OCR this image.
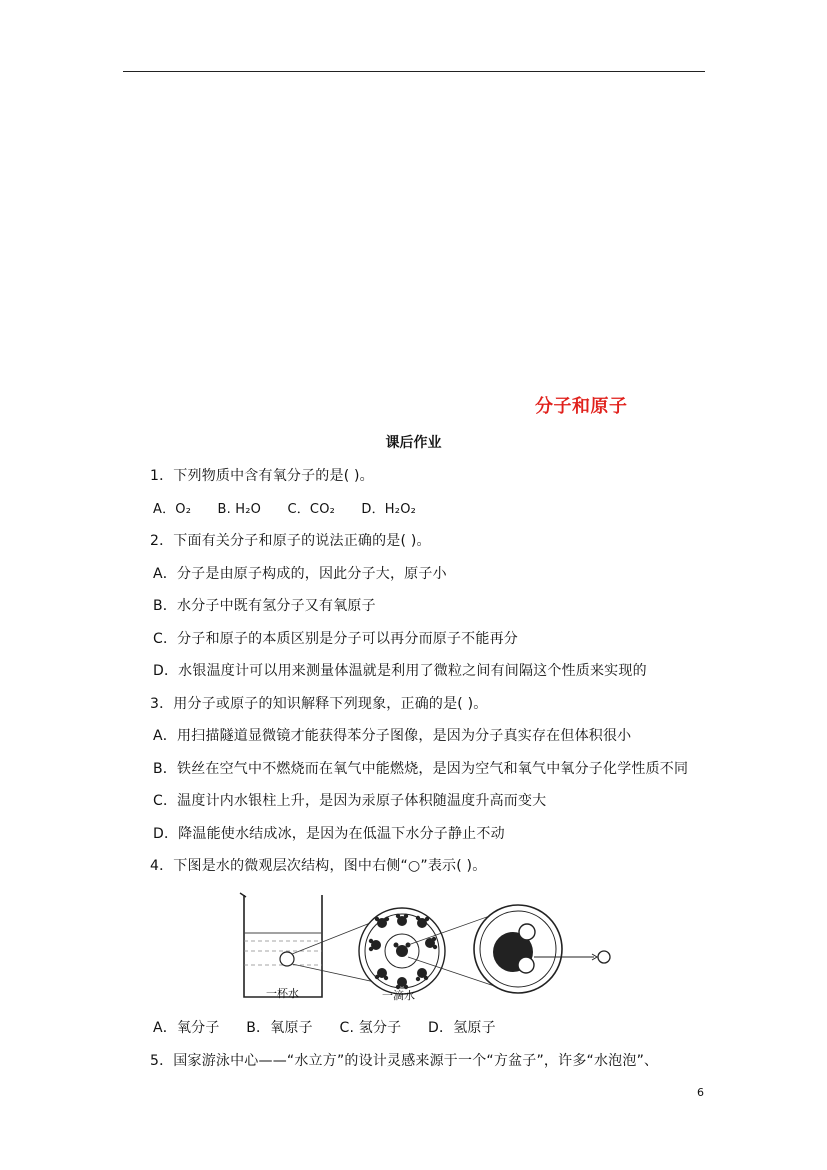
分子和原子
课后作业
1．下列物质中含有氧分子的是( )。
A．O₂ B. H₂O C．CO₂ D．H₂O₂
2．下面有关分子和原子的说法正确的是( )。
A．分子是由原子构成的，因此分子大，原子小
B．水分子中既有氢分子又有氧原子
C．分子和原子的本质区别是分子可以再分而原子不能再分
D．水银温度计可以用来测量体温就是利用了微粒之间有间隔这个性质来实现的
3．用分子或原子的知识解释下列现象，正确的是( )。
A．用扫描隧道显微镜才能获得苯分子图像，是因为分子真实存在但体积很小
B．铁丝在空气中不燃烧而在氧气中能燃烧，是因为空气和氧气中氧分子化学性质不同
C．温度计内水银柱上升，是因为汞原子体积随温度升高而变大
D．降温能使水结成冰，是因为在低温下水分子静止不动
4．下图是水的微观层次结构，图中右侧“○”表示( )。
一杯水	一滴水
A．氧分子 B．氧原子 C. 氢分子 D．氢原子
5．国家游泳中心——“水立方”的设计灵感来源于一个“方盆子”，许多“水泡泡”、
6
